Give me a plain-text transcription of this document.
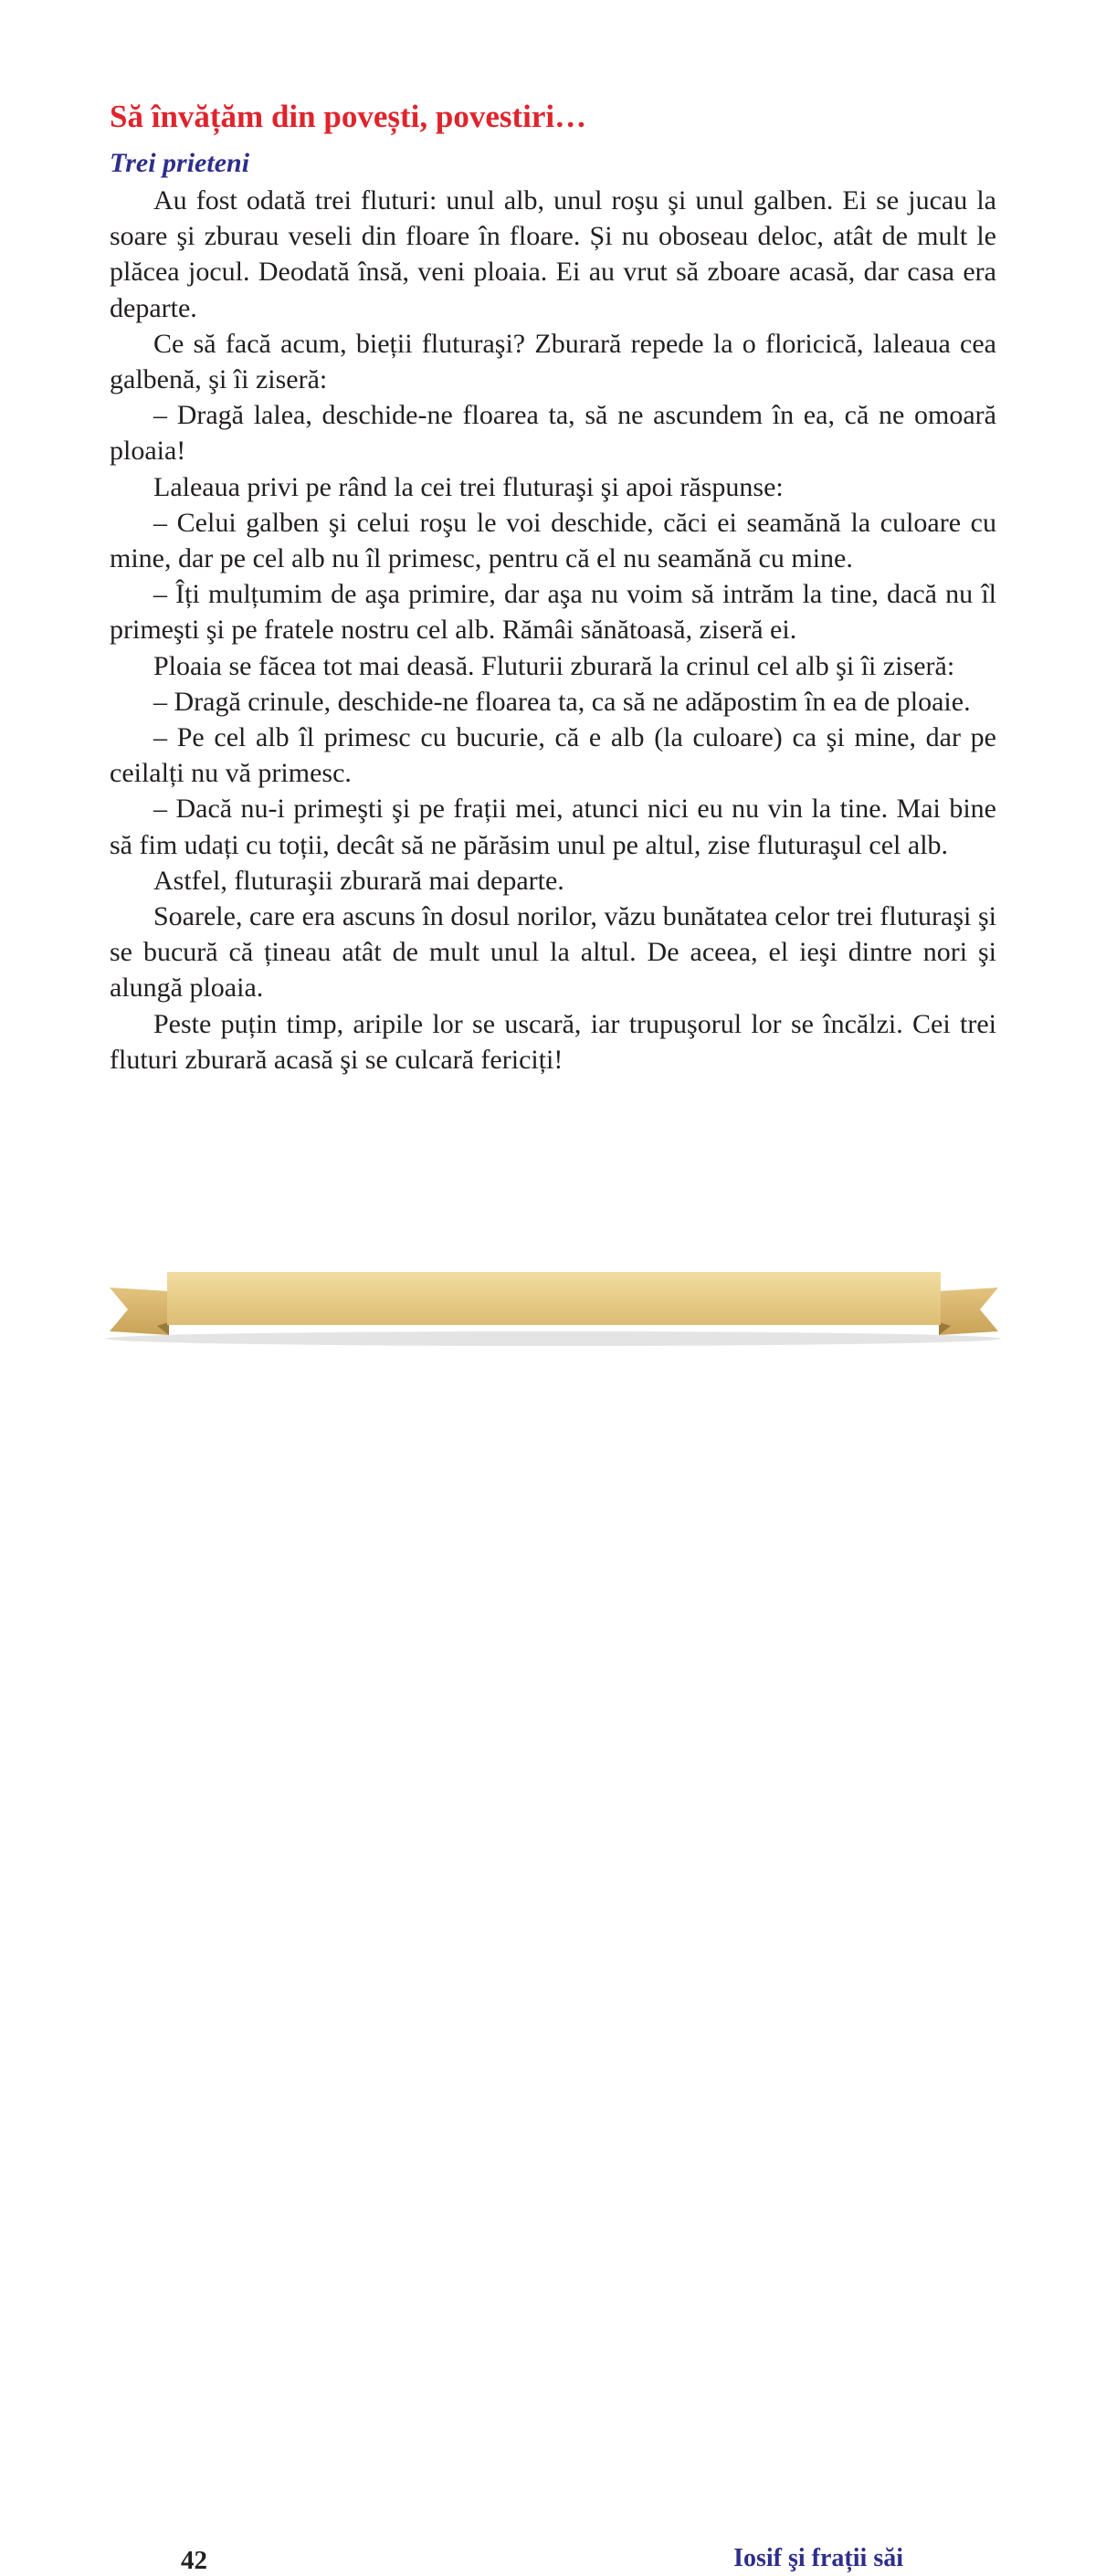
Să învățăm din povești, povestiri…
Trei prieteni

Au fost odată trei fluturi: unul alb, unul roşu şi unul galben. Ei se jucau la soare şi zburau veseli din floare în floare. Și nu oboseau deloc, atât de mult le plăcea jocul. Deodată însă, veni ploaia. Ei au vrut să zboare acasă, dar casa era departe.

Ce să facă acum, bieții fluturaşi? Zburară repede la o floricică, laleaua cea galbenă, şi îi ziseră:

– Dragă lalea, deschide-ne floarea ta, să ne ascundem în ea, că ne omoară ploaia!

Laleaua privi pe rând la cei trei fluturaşi şi apoi răspunse:

– Celui galben şi celui roşu le voi deschide, căci ei seamănă la culoare cu mine, dar pe cel alb nu îl primesc, pentru că el nu seamănă cu mine.

– Îți mulțumim de aşa primire, dar aşa nu voim să intrăm la tine, dacă nu îl primeşti şi pe fratele nostru cel alb. Rămâi sănătoasă, ziseră ei.

Ploaia se făcea tot mai deasă. Fluturii zburară la crinul cel alb şi îi ziseră:

– Dragă crinule, deschide-ne floarea ta, ca să ne adăpostim în ea de ploaie.

– Pe cel alb îl primesc cu bucurie, că e alb (la culoare) ca şi mine, dar pe ceilalți nu vă primesc.

– Dacă nu-i primeşti şi pe frații mei, atunci nici eu nu vin la tine. Mai bine să fim udați cu toții, decât să ne părăsim unul pe altul, zise fluturaşul cel alb.

Astfel, fluturaşii zburară mai departe.

Soarele, care era ascuns în dosul norilor, văzu bunătatea celor trei fluturaşi şi se bucură că țineau atât de mult unul la altul. De aceea, el ieşi dintre nori şi alungă ploaia.

Peste puțin timp, aripile lor se uscară, iar trupuşorul lor se încălzi. Cei trei fluturi zburară acasă şi se culcară fericiți!

42	Iosif şi frații săi
